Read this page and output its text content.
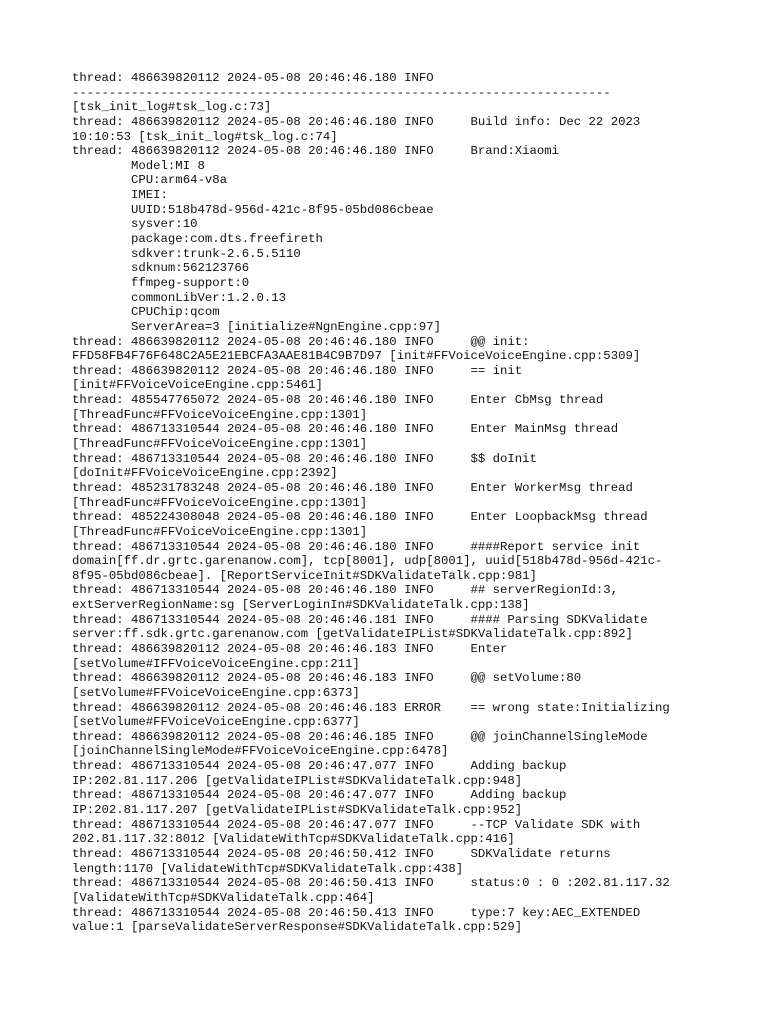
thread: 486639820112 2024-05-08 20:46:46.180 INFO
-------------------------------------------------------------------------
[tsk_init_log#tsk_log.c:73]
thread: 486639820112 2024-05-08 20:46:46.180 INFO     Build info: Dec 22 2023
10:10:53 [tsk_init_log#tsk_log.c:74]
thread: 486639820112 2024-05-08 20:46:46.180 INFO     Brand:Xiaomi
Model:MI 8
CPU:arm64-v8a
IMEI:
UUID:518b478d-956d-421c-8f95-05bd086cbeae
sysver:10
package:com.dts.freefireth
sdkver:trunk-2.6.5.5110
sdknum:562123766
ffmpeg-support:0
commonLibVer:1.2.0.13
CPUChip:qcom
ServerArea=3 [initialize#NgnEngine.cpp:97]
thread: 486639820112 2024-05-08 20:46:46.180 INFO     @@ init:
FFD58FB4F76F648C2A5E21EBCFA3AAE81B4C9B7D97 [init#FFVoiceVoiceEngine.cpp:5309]
thread: 486639820112 2024-05-08 20:46:46.180 INFO     == init
[init#FFVoiceVoiceEngine.cpp:5461]
thread: 485547765072 2024-05-08 20:46:46.180 INFO     Enter CbMsg thread
[ThreadFunc#FFVoiceVoiceEngine.cpp:1301]
thread: 486713310544 2024-05-08 20:46:46.180 INFO     Enter MainMsg thread
[ThreadFunc#FFVoiceVoiceEngine.cpp:1301]
thread: 486713310544 2024-05-08 20:46:46.180 INFO     $$ doInit
[doInit#FFVoiceVoiceEngine.cpp:2392]
thread: 485231783248 2024-05-08 20:46:46.180 INFO     Enter WorkerMsg thread
[ThreadFunc#FFVoiceVoiceEngine.cpp:1301]
thread: 485224308048 2024-05-08 20:46:46.180 INFO     Enter LoopbackMsg thread
[ThreadFunc#FFVoiceVoiceEngine.cpp:1301]
thread: 486713310544 2024-05-08 20:46:46.180 INFO     ####Report service init
domain[ff.dr.grtc.garenanow.com], tcp[8001], udp[8001], uuid[518b478d-956d-421c-
8f95-05bd086cbeae]. [ReportServiceInit#SDKValidateTalk.cpp:981]
thread: 486713310544 2024-05-08 20:46:46.180 INFO     ## serverRegionId:3,
extServerRegionName:sg [ServerLoginIn#SDKValidateTalk.cpp:138]
thread: 486713310544 2024-05-08 20:46:46.181 INFO     #### Parsing SDKValidate
server:ff.sdk.grtc.garenanow.com [getValidateIPList#SDKValidateTalk.cpp:892]
thread: 486639820112 2024-05-08 20:46:46.183 INFO     Enter
[setVolume#IFFVoiceVoiceEngine.cpp:211]
thread: 486639820112 2024-05-08 20:46:46.183 INFO     @@ setVolume:80
[setVolume#FFVoiceVoiceEngine.cpp:6373]
thread: 486639820112 2024-05-08 20:46:46.183 ERROR    == wrong state:Initializing
[setVolume#FFVoiceVoiceEngine.cpp:6377]
thread: 486639820112 2024-05-08 20:46:46.185 INFO     @@ joinChannelSingleMode
[joinChannelSingleMode#FFVoiceVoiceEngine.cpp:6478]
thread: 486713310544 2024-05-08 20:46:47.077 INFO     Adding backup
IP:202.81.117.206 [getValidateIPList#SDKValidateTalk.cpp:948]
thread: 486713310544 2024-05-08 20:46:47.077 INFO     Adding backup
IP:202.81.117.207 [getValidateIPList#SDKValidateTalk.cpp:952]
thread: 486713310544 2024-05-08 20:46:47.077 INFO     --TCP Validate SDK with
202.81.117.32:8012 [ValidateWithTcp#SDKValidateTalk.cpp:416]
thread: 486713310544 2024-05-08 20:46:50.412 INFO     SDKValidate returns
length:1170 [ValidateWithTcp#SDKValidateTalk.cpp:438]
thread: 486713310544 2024-05-08 20:46:50.413 INFO     status:0 : 0 :202.81.117.32
[ValidateWithTcp#SDKValidateTalk.cpp:464]
thread: 486713310544 2024-05-08 20:46:50.413 INFO     type:7 key:AEC_EXTENDED
value:1 [parseValidateServerResponse#SDKValidateTalk.cpp:529]
